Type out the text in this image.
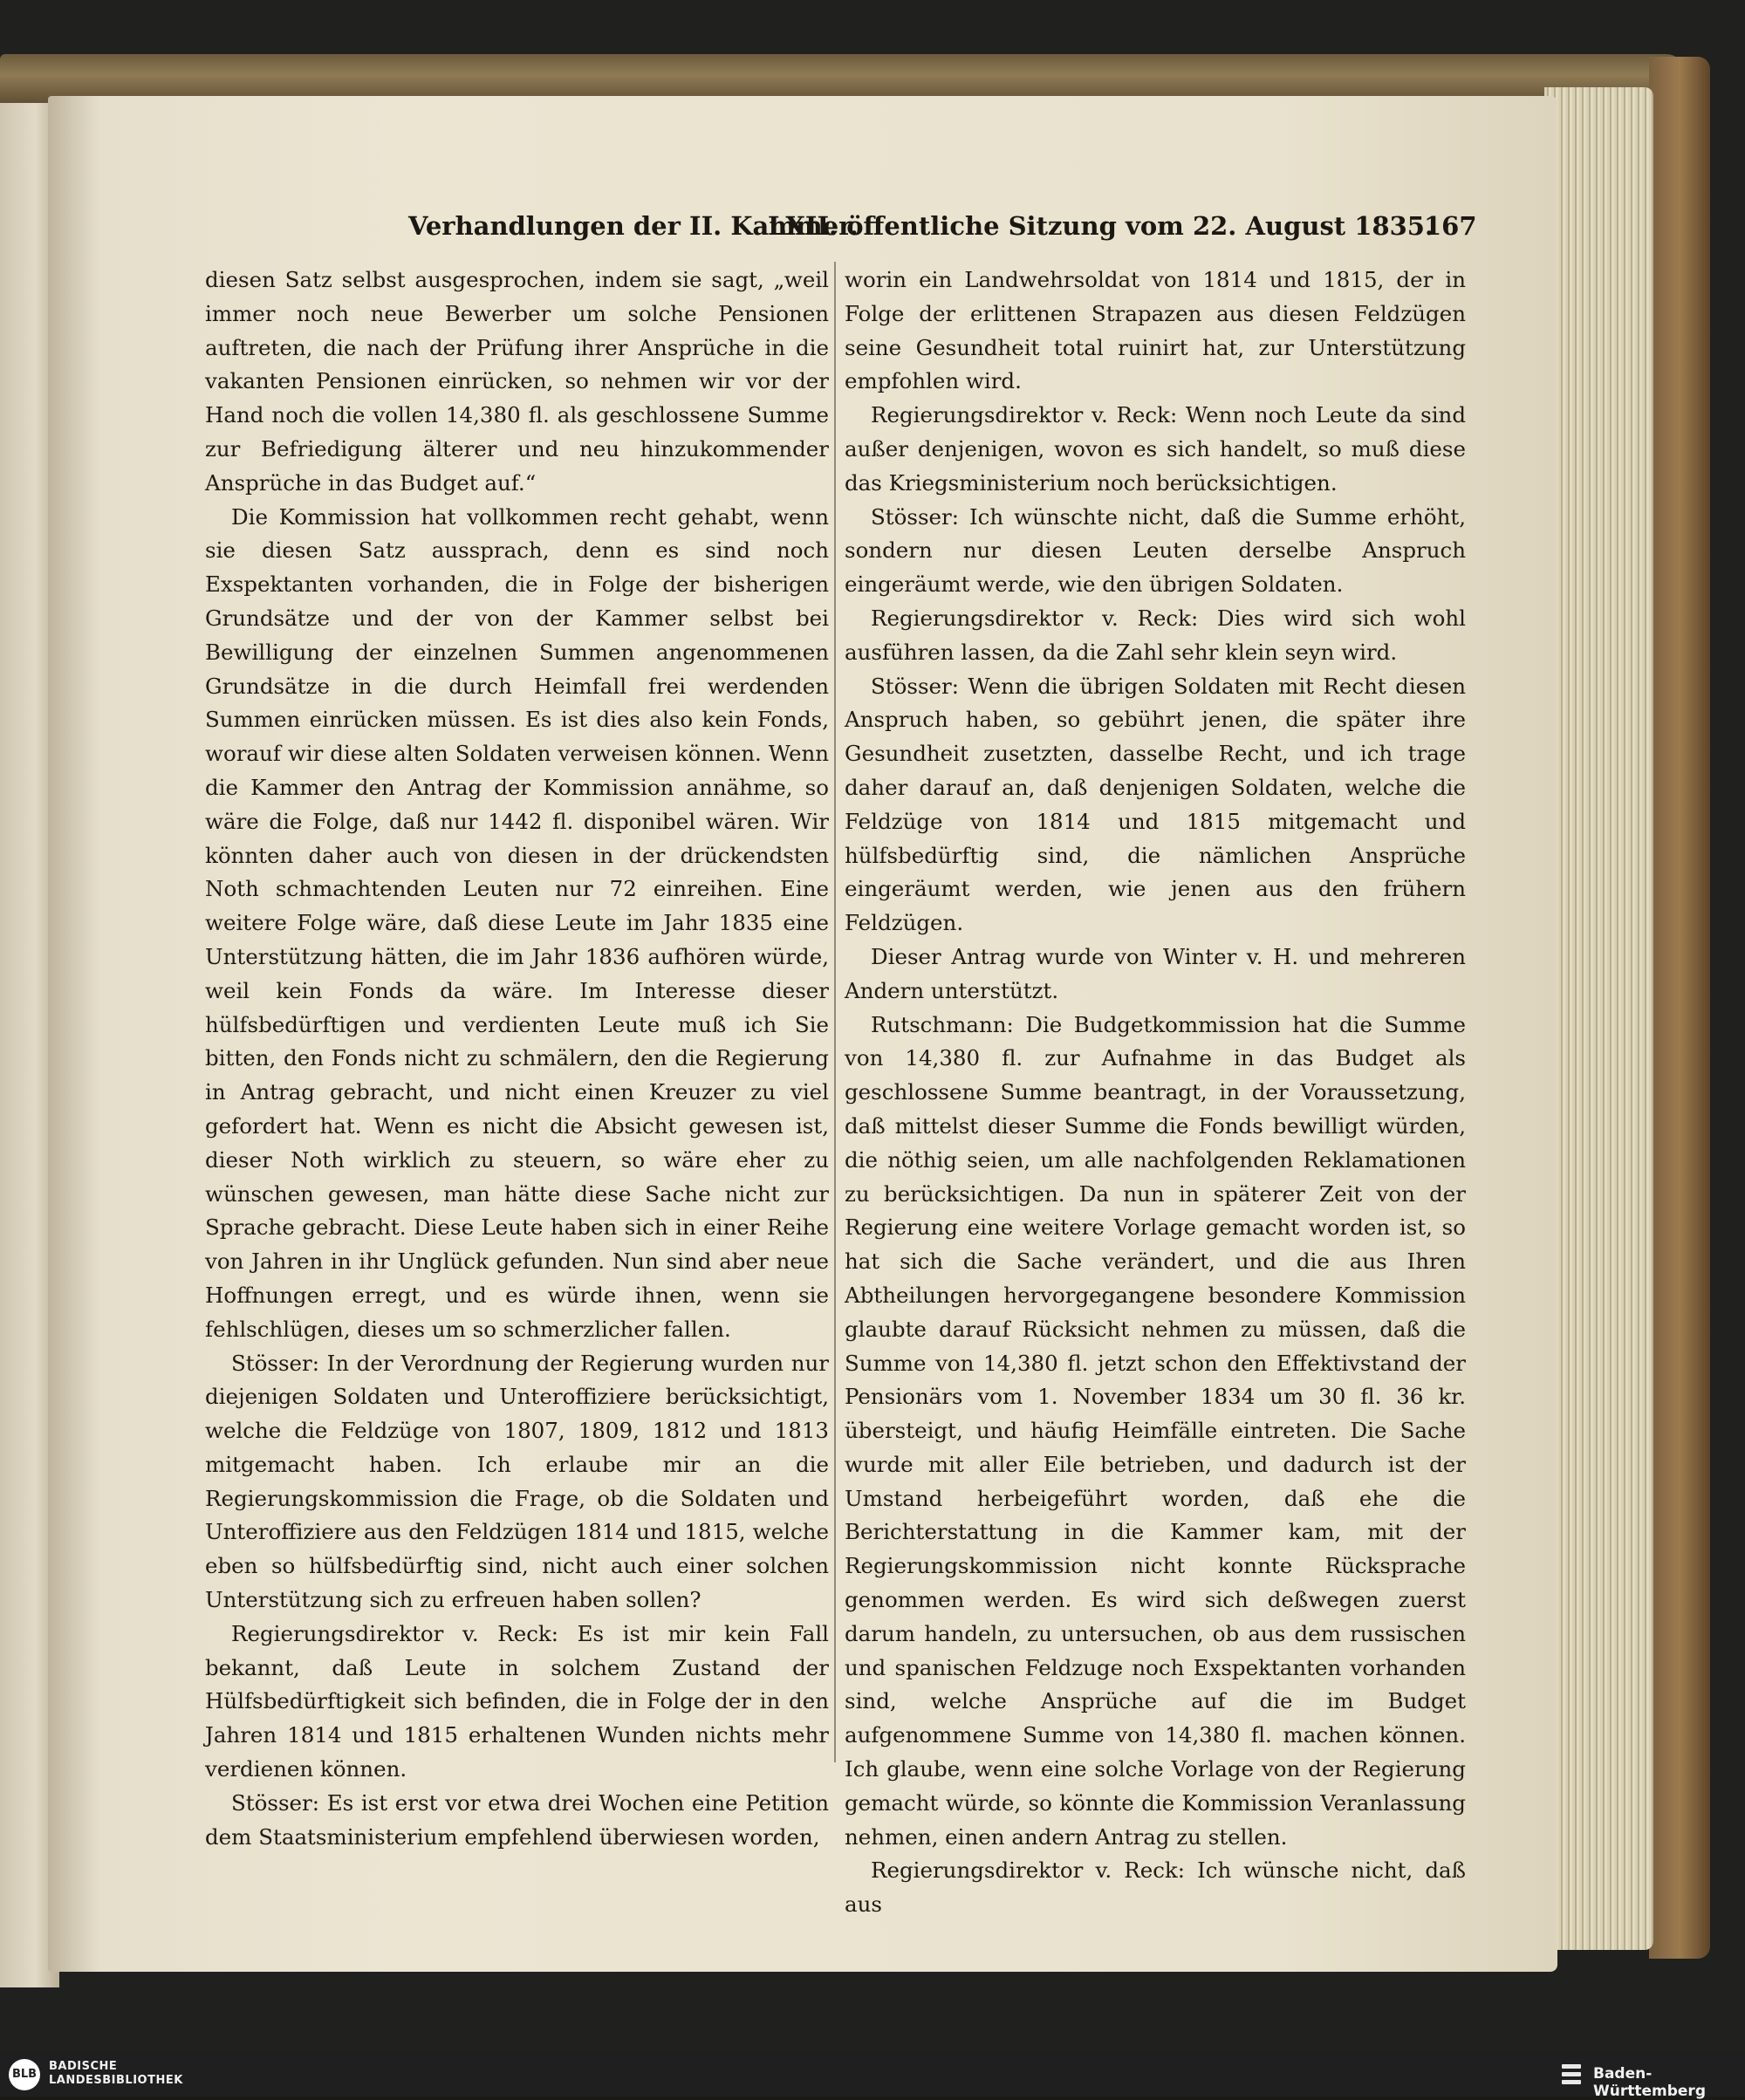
Verhandlungen der II. Kammer.
LXII. öffentliche Sitzung vom 22. August 1835.
167

diesen Satz selbst ausgesprochen, indem sie sagt, „weil immer noch neue Bewerber um solche Pensionen auftreten, die nach der Prüfung ihrer Ansprüche in die vakanten Pensionen einrücken, so nehmen wir vor der Hand noch die vollen 14,380 fl. als geschlossene Summe zur Befriedigung älterer und neu hinzukommender Ansprüche in das Budget auf.“

Die Kommission hat vollkommen recht gehabt, wenn sie diesen Satz aussprach, denn es sind noch Exspektanten vorhanden, die in Folge der bisherigen Grundsätze und der von der Kammer selbst bei Bewilligung der einzelnen Summen angenommenen Grundsätze in die durch Heimfall frei werdenden Summen einrücken müssen. Es ist dies also kein Fonds, worauf wir diese alten Soldaten verweisen können. Wenn die Kammer den Antrag der Kommission annähme, so wäre die Folge, daß nur 1442 fl. disponibel wären. Wir könnten daher auch von diesen in der drückendsten Noth schmachtenden Leuten nur 72 einreihen. Eine weitere Folge wäre, daß diese Leute im Jahr 1835 eine Unterstützung hätten, die im Jahr 1836 aufhören würde, weil kein Fonds da wäre. Im Interesse dieser hülfsbedürftigen und verdienten Leute muß ich Sie bitten, den Fonds nicht zu schmälern, den die Regierung in Antrag gebracht, und nicht einen Kreuzer zu viel gefordert hat. Wenn es nicht die Absicht gewesen ist, dieser Noth wirklich zu steuern, so wäre eher zu wünschen gewesen, man hätte diese Sache nicht zur Sprache gebracht. Diese Leute haben sich in einer Reihe von Jahren in ihr Unglück gefunden. Nun sind aber neue Hoffnungen erregt, und es würde ihnen, wenn sie fehlschlügen, dieses um so schmerzlicher fallen.

Stösser: In der Verordnung der Regierung wurden nur diejenigen Soldaten und Unteroffiziere berücksichtigt, welche die Feldzüge von 1807, 1809, 1812 und 1813 mitgemacht haben. Ich erlaube mir an die Regierungskommission die Frage, ob die Soldaten und Unteroffiziere aus den Feldzügen 1814 und 1815, welche eben so hülfsbedürftig sind, nicht auch einer solchen Unterstützung sich zu erfreuen haben sollen?

Regierungsdirektor v. Reck: Es ist mir kein Fall bekannt, daß Leute in solchem Zustand der Hülfsbedürftigkeit sich befinden, die in Folge der in den Jahren 1814 und 1815 erhaltenen Wunden nichts mehr verdienen können.

Stösser: Es ist erst vor etwa drei Wochen eine Petition dem Staatsministerium empfehlend überwiesen worden,

worin ein Landwehrsoldat von 1814 und 1815, der in Folge der erlittenen Strapazen aus diesen Feldzügen seine Gesundheit total ruinirt hat, zur Unterstützung empfohlen wird.

Regierungsdirektor v. Reck: Wenn noch Leute da sind außer denjenigen, wovon es sich handelt, so muß diese das Kriegsministerium noch berücksichtigen.

Stösser: Ich wünschte nicht, daß die Summe erhöht, sondern nur diesen Leuten derselbe Anspruch eingeräumt werde, wie den übrigen Soldaten.

Regierungsdirektor v. Reck: Dies wird sich wohl ausführen lassen, da die Zahl sehr klein seyn wird.

Stösser: Wenn die übrigen Soldaten mit Recht diesen Anspruch haben, so gebührt jenen, die später ihre Gesundheit zusetzten, dasselbe Recht, und ich trage daher darauf an, daß denjenigen Soldaten, welche die Feldzüge von 1814 und 1815 mitgemacht und hülfsbedürftig sind, die nämlichen Ansprüche eingeräumt werden, wie jenen aus den frühern Feldzügen.

Dieser Antrag wurde von Winter v. H. und mehreren Andern unterstützt.

Rutschmann: Die Budgetkommission hat die Summe von 14,380 fl. zur Aufnahme in das Budget als geschlossene Summe beantragt, in der Voraussetzung, daß mittelst dieser Summe die Fonds bewilligt würden, die nöthig seien, um alle nachfolgenden Reklamationen zu berücksichtigen. Da nun in späterer Zeit von der Regierung eine weitere Vorlage gemacht worden ist, so hat sich die Sache verändert, und die aus Ihren Abtheilungen hervorgegangene besondere Kommission glaubte darauf Rücksicht nehmen zu müssen, daß die Summe von 14,380 fl. jetzt schon den Effektivstand der Pensionärs vom 1. November 1834 um 30 fl. 36 kr. übersteigt, und häufig Heimfälle eintreten. Die Sache wurde mit aller Eile betrieben, und dadurch ist der Umstand herbeigeführt worden, daß ehe die Berichterstattung in die Kammer kam, mit der Regierungskommission nicht konnte Rücksprache genommen werden. Es wird sich deßwegen zuerst darum handeln, zu untersuchen, ob aus dem russischen und spanischen Feldzuge noch Exspektanten vorhanden sind, welche Ansprüche auf die im Budget aufgenommene Summe von 14,380 fl. machen können. Ich glaube, wenn eine solche Vorlage von der Regierung gemacht würde, so könnte die Kommission Veranlassung nehmen, einen andern Antrag zu stellen.

Regierungsdirektor v. Reck: Ich wünsche nicht, daß aus

BLB
BADISCHE
LANDESBIBLIOTHEK	Baden-Württemberg
